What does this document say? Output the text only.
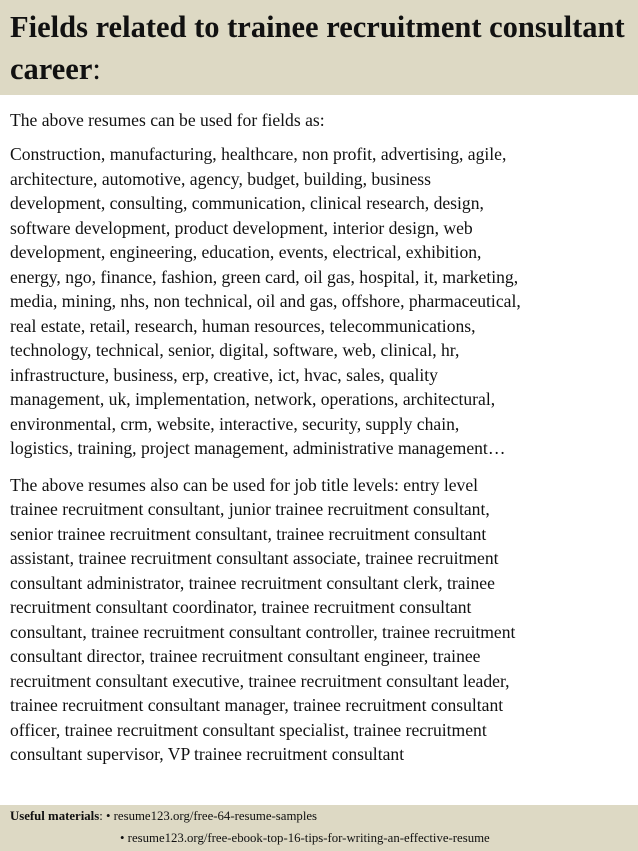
Fields related to trainee recruitment consultant career:

The above resumes can be used for fields as:

Construction, manufacturing, healthcare, non profit, advertising, agile,
architecture, automotive, agency, budget, building, business
development, consulting, communication, clinical research, design,
software development, product development, interior design, web
development, engineering, education, events, electrical, exhibition,
energy, ngo, finance, fashion, green card, oil gas, hospital, it, marketing,
media, mining, nhs, non technical, oil and gas, offshore, pharmaceutical,
real estate, retail, research, human resources, telecommunications,
technology, technical, senior, digital, software, web, clinical, hr,
infrastructure, business, erp, creative, ict, hvac, sales, quality
management, uk, implementation, network, operations, architectural,
environmental, crm, website, interactive, security, supply chain,
logistics, training, project management, administrative management…

The above resumes also can be used for job title levels: entry level
trainee recruitment consultant, junior trainee recruitment consultant,
senior trainee recruitment consultant, trainee recruitment consultant
assistant, trainee recruitment consultant associate, trainee recruitment
consultant administrator, trainee recruitment consultant clerk, trainee
recruitment consultant coordinator, trainee recruitment consultant
consultant, trainee recruitment consultant controller, trainee recruitment
consultant director, trainee recruitment consultant engineer, trainee
recruitment consultant executive, trainee recruitment consultant leader,
trainee recruitment consultant manager, trainee recruitment consultant
officer, trainee recruitment consultant specialist, trainee recruitment
consultant supervisor, VP trainee recruitment consultant

Useful materials: • resume123.org/free-64-resume-samples
• resume123.org/free-ebook-top-16-tips-for-writing-an-effective-resume
